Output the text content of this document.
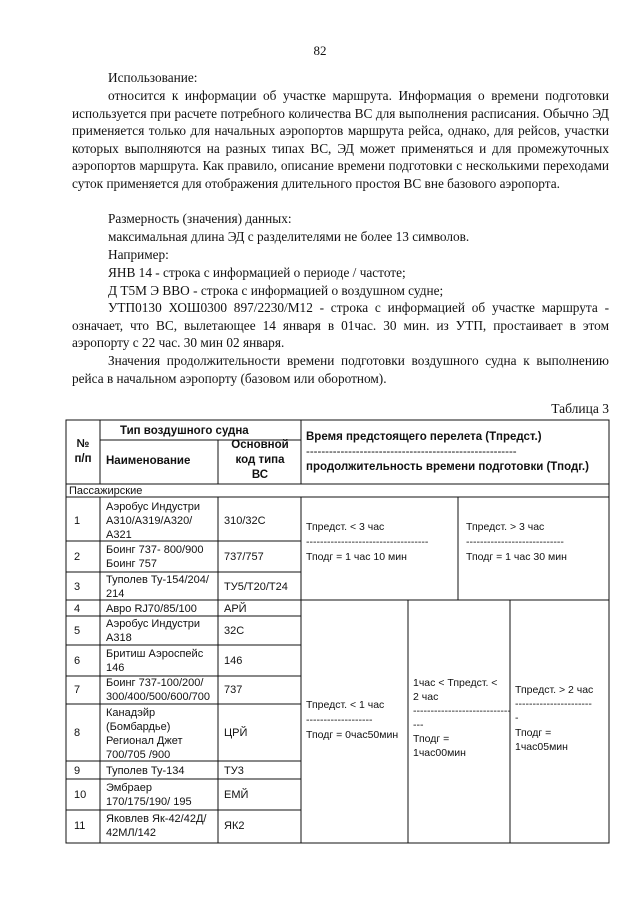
82

Использование:

относится к информации об участке маршрута. Информация о времени подготовки используется при расчете потребного количества ВС для выполнения расписания. Обычно ЭД применяется только для начальных аэропортов маршрута рейса, однако, для рейсов, участки которых выполняются на разных типах ВС, ЭД может применяться и для промежуточных аэропортов маршрута. Как правило, описание времени подготовки с несколькими переходами суток применяется для отображения длительного простоя ВС вне базового аэропорта.

Размерность (значения) данных:

максимальная длина ЭД с разделителями не более 13 символов.

Например:

ЯНВ 14 - строка с информацией о периоде / частоте;

Д Т5М Э ВВО - строка с информацией о воздушном судне;

УТП0130 ХОШ0300 897/2230/М12 - строка с информацией об участке маршрута - означает, что ВС, вылетающее 14 января в 01час. 30 мин. из УТП, простаивает в этом аэропорту с 22 час. 30 мин 02 января.

Значения продолжительности времени подготовки воздушного судна к выполнению рейса в начальном аэропорту (базовом или оборотном).

Таблица 3
№
п/п
Тип воздушного судна
Наименование
Основной
код типа
ВС
Время предстоящего перелета (Тпредст.)
-------------------------------------------------------
продолжительность времени подготовки (Тподг.)
Пассажирские
1
Аэробус Индустри
А310/А319/А320/
А321
310/32С
2
Боинг 737- 800/900
Боинг 757
737/757
3
Туполев Ту-154/204/
214
ТУ5/Т20/Т24
4 Авро RJ70/85/100 АРЙ
5
Аэробус Индустри
А318
32С
6
Бритиш Аэроспейс
146
146
7
Боинг 737-100/200/
300/400/500/600/700
737
8
Канадэйр
(Бомбардье)
Регионал Джет
700/705 /900
ЦРЙ
9 Туполев Ту-134	ТУ3
10
Эмбраер
170/175/190/ 195
ЕМЙ
11
Яковлев Як-42/42Д/
42МЛ/142
ЯК2
Тпредст. < 3 час
-----------------------------------
Тподг = 1 час 10 мин
Тпредст. > 3 час
----------------------------
Тподг = 1 час 30 мин
Тпредст. < 1 час
-------------------
Тподг = 0час50мин
1час < Тпредст. <
2 час
----------------------------
---
Тподг =
1час00мин
Тпредст. > 2 час
----------------------
-
Тподг =
1час05мин
